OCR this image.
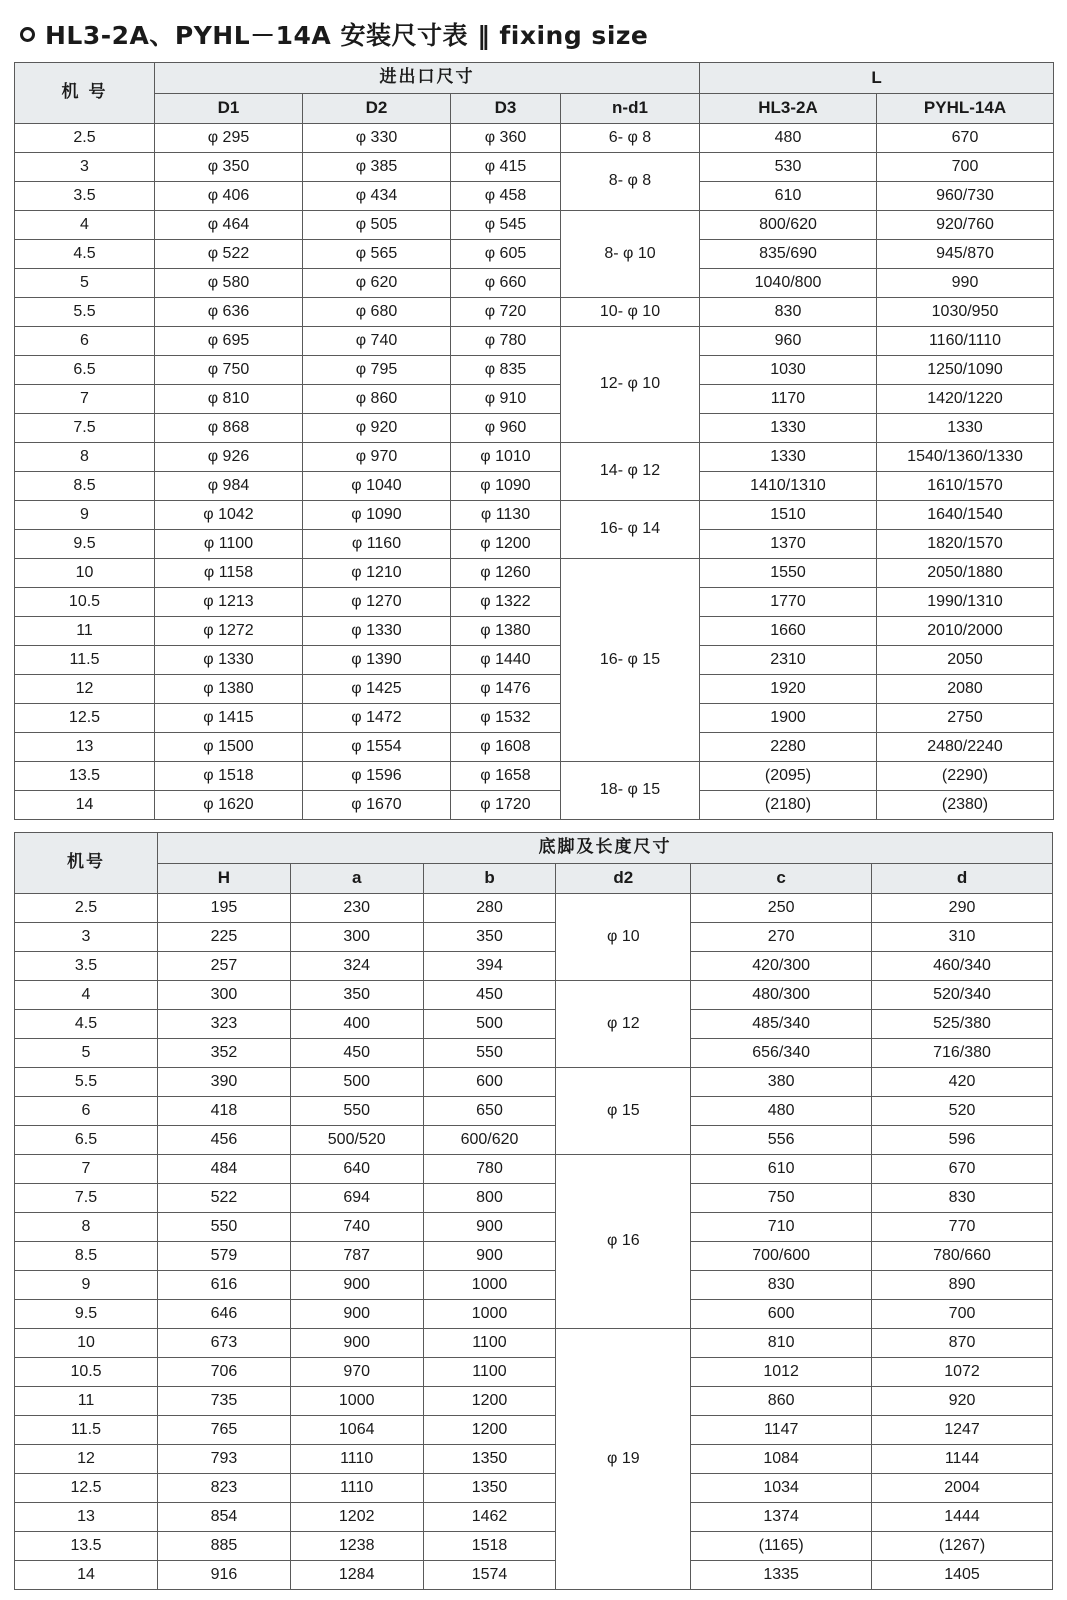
HL3-2A、PYHL－14A 安装尺寸表 ‖ fixing size
机 号	进出口尺寸				L	
	D1	D2	D3	n-d1	HL3-2A	PYHL-14A
2.5	φ 295	φ 330	φ 360	6- φ 8	480	670
3	φ 350	φ 385	φ 415	8- φ 8	530	700
3.5	φ 406	φ 434	φ 458		610	960/730
4	φ 464	φ 505	φ 545	8- φ 10	800/620	920/760
4.5	φ 522	φ 565	φ 605		835/690	945/870
5	φ 580	φ 620	φ 660		1040/800	990
5.5	φ 636	φ 680	φ 720	10- φ 10	830	1030/950
6	φ 695	φ 740	φ 780	12- φ 10	960	1160/1110
6.5	φ 750	φ 795	φ 835		1030	1250/1090
7	φ 810	φ 860	φ 910		1170	1420/1220
7.5	φ 868	φ 920	φ 960		1330	1330
8	φ 926	φ 970	φ 1010	14- φ 12	1330	1540/1360/1330
8.5	φ 984	φ 1040	φ 1090		1410/1310	1610/1570
9	φ 1042	φ 1090	φ 1130	16- φ 14	1510	1640/1540
9.5	φ 1100	φ 1160	φ 1200		1370	1820/1570
10	φ 1158	φ 1210	φ 1260	16- φ 15	1550	2050/1880
10.5	φ 1213	φ 1270	φ 1322		1770	1990/1310
11	φ 1272	φ 1330	φ 1380		1660	2010/2000
11.5	φ 1330	φ 1390	φ 1440		2310	2050
12	φ 1380	φ 1425	φ 1476		1920	2080
12.5	φ 1415	φ 1472	φ 1532		1900	2750
13	φ 1500	φ 1554	φ 1608		2280	2480/2240
13.5	φ 1518	φ 1596	φ 1658	18- φ 15	(2095)	(2290)
14	φ 1620	φ 1670	φ 1720		(2180)	(2380)
机号	底脚及长度尺寸					
	H	a	b	d2	c	d
2.5	195	230	280	φ 10	250	290
3	225	300	350		270	310
3.5	257	324	394		420/300	460/340
4	300	350	450	φ 12	480/300	520/340
4.5	323	400	500		485/340	525/380
5	352	450	550		656/340	716/380
5.5	390	500	600	φ 15	380	420
6	418	550	650		480	520
6.5	456	500/520	600/620		556	596
7	484	640	780	φ 16	610	670
7.5	522	694	800		750	830
8	550	740	900		710	770
8.5	579	787	900		700/600	780/660
9	616	900	1000		830	890
9.5	646	900	1000		600	700
10	673	900	1100	φ 19	810	870
10.5	706	970	1100		1012	1072
11	735	1000	1200		860	920
11.5	765	1064	1200		1147	1247
12	793	1110	1350		1084	1144
12.5	823	1110	1350		1034	2004
13	854	1202	1462		1374	1444
13.5	885	1238	1518		(1165)	(1267)
14	916	1284	1574		1335	1405
